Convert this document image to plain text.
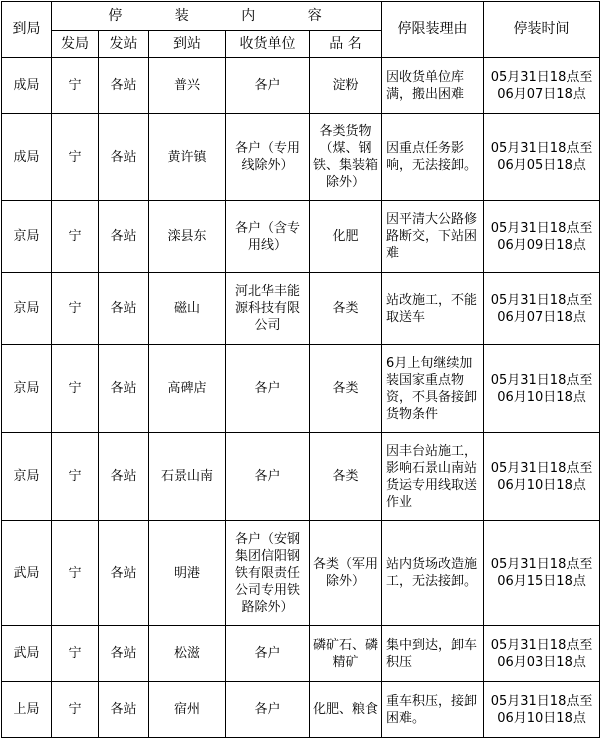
到局	停 装 内 容					停限装理由	停装时间
	发局	发站	到站	收货单位	品 名		
成局	宁	各站	普兴	各户	淀粉	因收货单位库满，搬出困难	05月31日18点至06月07日18点
成局	宁	各站	黄许镇	各户（专用线除外）	各类货物（煤、钢铁、集装箱除外）	因重点任务影响，无法接卸。	05月31日18点至06月05日18点
京局	宁	各站	滦县东	各户（含专用线）	化肥	因平清大公路修路断交，下站困难	05月31日18点至06月09日18点
京局	宁	各站	磁山	河北华丰能源科技有限公司	各类	站改施工，不能取送车	05月31日18点至06月07日18点
京局	宁	各站	高碑店	各户	各类	6月上旬继续加装国家重点物资，不具备接卸货物条件	05月31日18点至06月10日18点
京局	宁	各站	石景山南	各户	各类	因丰台站施工，影响石景山南站货运专用线取送作业	05月31日18点至06月10日18点
武局	宁	各站	明港	各户（安钢集团信阳钢铁有限责任公司专用铁路除外）	各类（军用除外）	站内货场改造施工，无法接卸。	05月31日18点至06月15日18点
武局	宁	各站	松滋	各户	磷矿石、磷精矿	集中到达，卸车积压	05月31日18点至06月03日18点
上局	宁	各站	宿州	各户	化肥、粮食	重车积压，接卸困难。	05月31日18点至06月10日18点
